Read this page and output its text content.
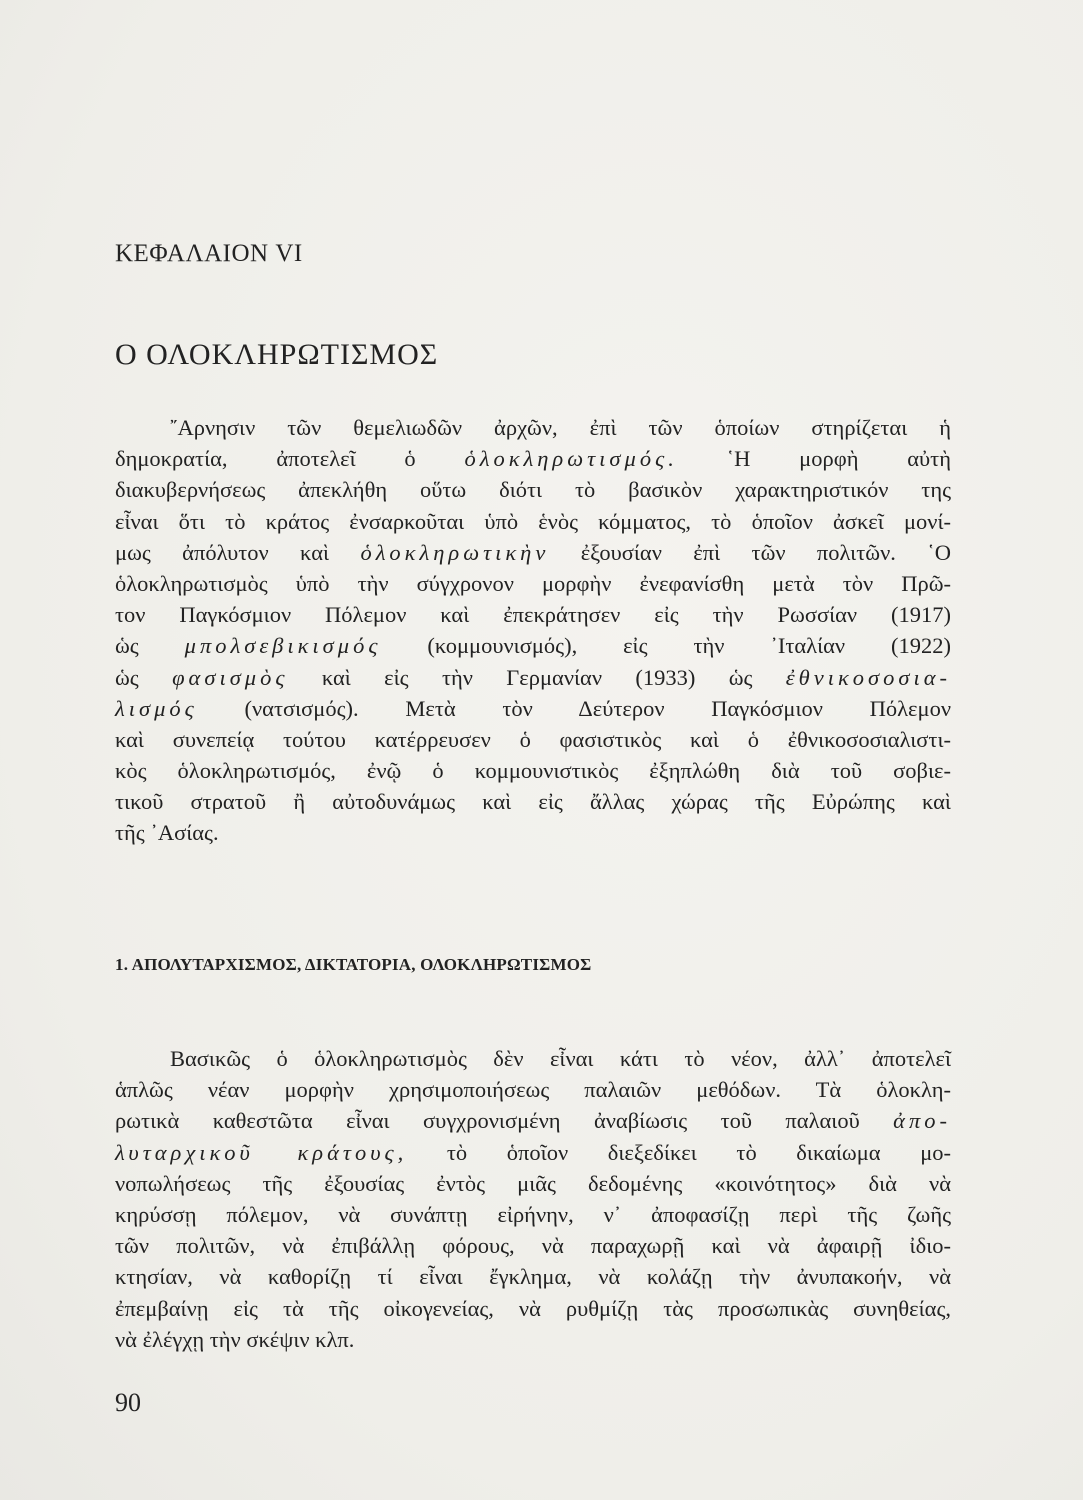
ΚΕΦΑΛΑΙΟΝ VI
Ο ΟΛΟΚΛΗΡΩΤΙΣΜΟΣ
῎Αρνησιν τῶν θεμελιωδῶν ἀρχῶν, ἐπὶ τῶν ὁποίων στηρίζεται ἡ
δημοκρατία, ἀποτελεῖ ὁ ὁλοκληρωτισμός. ῾Η μορφὴ αὐτὴ
διακυβερνήσεως ἀπεκλήθη οὕτω διότι τὸ βασικὸν χαρακτηριστικόν της
εἶναι ὅτι τὸ κράτος ἐνσαρκοῦται ὑπὸ ἑνὸς κόμματος, τὸ ὁποῖον ἀσκεῖ μονί-
μως ἀπόλυτον καὶ ὁλοκληρωτικὴν ἐξουσίαν ἐπὶ τῶν πολιτῶν. ῾Ο
ὁλοκληρωτισμὸς ὑπὸ τὴν σύγχρονον μορφὴν ἐνεφανίσθη μετὰ τὸν Πρῶ-
τον Παγκόσμιον Πόλεμον καὶ ἐπεκράτησεν εἰς τὴν Ρωσσίαν (1917)
ὡς μπολσεβικισμός (κομμουνισμός), εἰς τὴν ᾿Ιταλίαν (1922)
ὡς φασισμὸς καὶ εἰς τὴν Γερμανίαν (1933) ὡς ἐθνικοσοσια-
λισμός (νατσισμός). Μετὰ τὸν Δεύτερον Παγκόσμιον Πόλεμον
καὶ συνεπείᾳ τούτου κατέρρευσεν ὁ φασιστικὸς καὶ ὁ ἐθνικοσοσιαλιστι-
κὸς ὁλοκληρωτισμός, ἐνῷ ὁ κομμουνιστικὸς ἐξηπλώθη διὰ τοῦ σοβιε-
τικοῦ στρατοῦ ἢ αὐτοδυνάμως καὶ εἰς ἄλλας χώρας τῆς Εὐρώπης καὶ
τῆς ᾿Ασίας.
1. ΑΠΟΛΥΤΑΡΧΙΣΜΟΣ, ΔΙΚΤΑΤΟΡΙΑ, ΟΛΟΚΛΗΡΩΤΙΣΜΟΣ
Βασικῶς ὁ ὁλοκληρωτισμὸς δὲν εἶναι κάτι τὸ νέον, ἀλλ᾿ ἀποτελεῖ
ἁπλῶς νέαν μορφὴν χρησιμοποιήσεως παλαιῶν μεθόδων. Τὰ ὁλοκλη-
ρωτικὰ καθεστῶτα εἶναι συγχρονισμένη ἀναβίωσις τοῦ παλαιοῦ ἀπο-
λυταρχικοῦ κράτους, τὸ ὁποῖον διεξεδίκει τὸ δικαίωμα μο-
νοπωλήσεως τῆς ἐξουσίας ἐντὸς μιᾶς δεδομένης «κοινότητος» διὰ νὰ
κηρύσσῃ πόλεμον, νὰ συνάπτῃ εἰρήνην, ν᾿ ἀποφασίζῃ περὶ τῆς ζωῆς
τῶν πολιτῶν, νὰ ἐπιβάλλῃ φόρους, νὰ παραχωρῇ καὶ νὰ ἀφαιρῇ ἰδιο-
κτησίαν, νὰ καθορίζῃ τί εἶναι ἔγκλημα, νὰ κολάζῃ τὴν ἀνυπακοήν, νὰ
ἐπεμβαίνῃ εἰς τὰ τῆς οἰκογενείας, νὰ ρυθμίζῃ τὰς προσωπικὰς συνηθείας,
νὰ ἐλέγχῃ τὴν σκέψιν κλπ.
90
